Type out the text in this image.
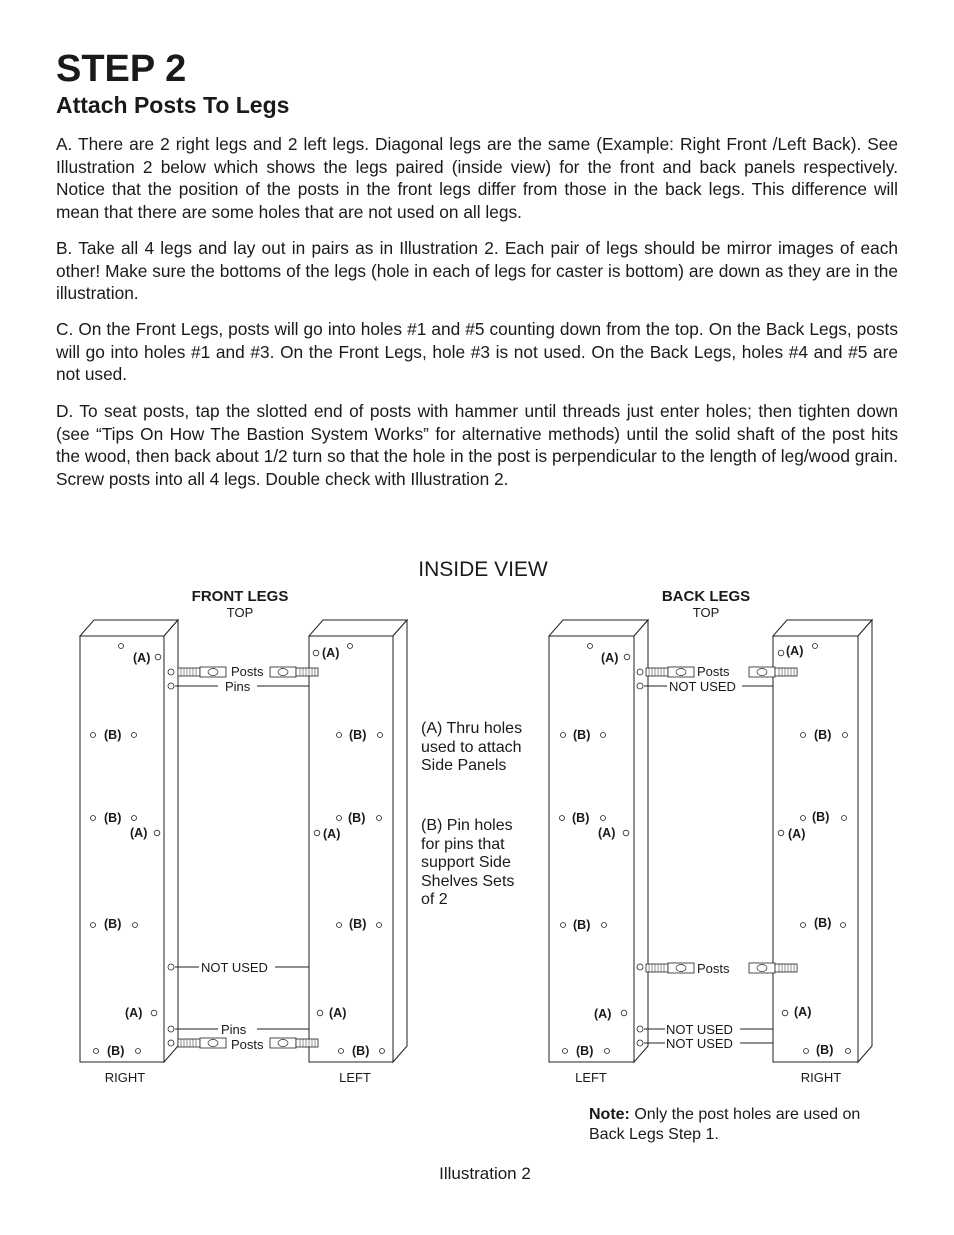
STEP 2
Attach Posts To Legs

A. There are 2 right legs and 2 left legs. Diagonal legs are the same (Example: Right Front /Left Back). See Illustration 2 below which shows the legs paired (inside view) for the front and back panels respectively. Notice that the position of the posts in the front legs differ from those in the back legs. This difference will mean that there are some holes that are not used on all legs.

B. Take all 4 legs and lay out in pairs as in Illustration 2. Each pair of legs should be mirror images of each other! Make sure the bottoms of the legs (hole in each of legs for caster is bottom) are down as they are in the illustration.

C. On the Front Legs, posts will go into holes #1 and #5 counting down from the top. On the Back Legs, posts will go into holes #1 and #3. On the Front Legs, hole #3 is not used. On the Back Legs, holes #4 and #5 are not used.

D. To seat posts, tap the slotted end of posts with hammer until threads just enter holes; then tighten down (see “Tips On How The Bastion System Works” for alternative methods) until the solid shaft of the post hits the wood, then back about 1/2 turn so that the hole in the post is perpendicular to the length of leg/wood grain. Screw posts into all 4 legs. Double check with Illustration 2.

INSIDE VIEW
FRONT LEGS
TOP
(A)
(B)
(B)
(A)
(B)
(A)
(B)
(A)
(B)
(B)
(A)
(B)
(A)
(B)
Posts
Pins
NOT USED
Pins
Posts
RIGHT	LEFT
(A) Thru holes
used to attach
Side Panels
(B) Pin holes
for pins that
support Side
Shelves Sets
of 2
BACK LEGS
TOP
(A)
(B)
(B)
(A)
(B)
(A)
(B)
(A)
(B)
(B)
(A)
(B)
(A)
(B)
Posts
NOT USED
Posts
NOT USED
NOT USED
LEFT	RIGHT
Note: Only the post holes are used on Back Legs Step 1.
Illustration 2
